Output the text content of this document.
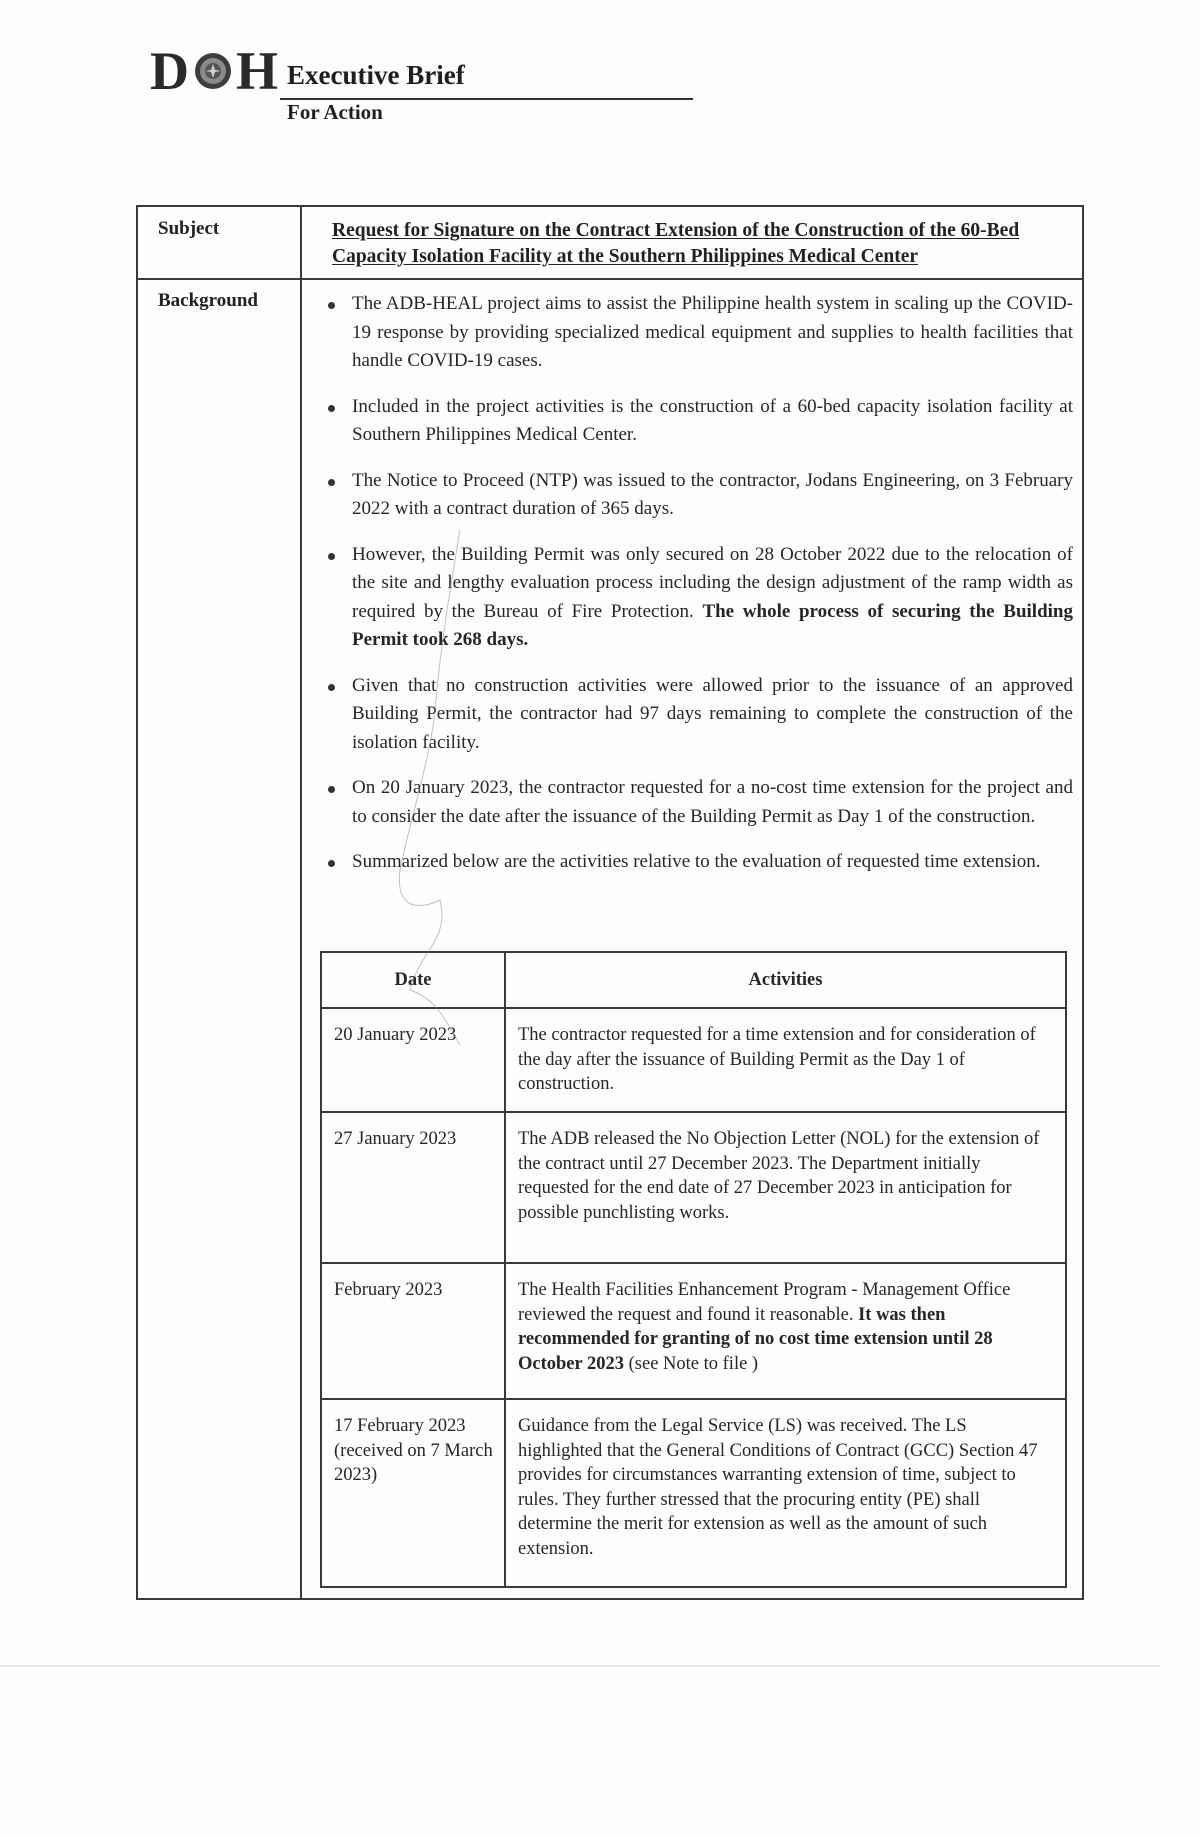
D H Executive Brief
For Action
Subject	Request for Signature on the Contract Extension of the Construction of the 60-Bed Capacity Isolation Facility at the Southern Philippines Medical Center
Background	The ADB-HEAL project aims to assist the Philippine health system in scaling up the COVID-19 response by providing specialized medical equipment and supplies to health facilities that handle COVID-19 cases.
Included in the project activities is the construction of a 60-bed capacity isolation facility at Southern Philippines Medical Center.
The Notice to Proceed (NTP) was issued to the contractor, Jodans Engineering, on 3 February 2022 with a contract duration of 365 days.
However, the Building Permit was only secured on 28 October 2022 due to the relocation of the site and lengthy evaluation process including the design adjustment of the ramp width as required by the Bureau of Fire Protection. The whole process of securing the Building Permit took 268 days.
Given that no construction activities were allowed prior to the issuance of an approved Building Permit, the contractor had 97 days remaining to complete the construction of the isolation facility.
On 20 January 2023, the contractor requested for a no-cost time extension for the project and to consider the date after the issuance of the Building Permit as Day 1 of the construction.
Summarized below are the activities relative to the evaluation of requested time extension.
Date	Activities
20 January 2023	The contractor requested for a time extension and for consideration of the day after the issuance of Building Permit as the Day 1 of construction.
27 January 2023	The ADB released the No Objection Letter (NOL) for the extension of the contract until 27 December 2023. The Department initially requested for the end date of 27 December 2023 in anticipation for possible punchlisting works.
February 2023	The Health Facilities Enhancement Program - Management Office reviewed the request and found it reasonable. It was then recommended for granting of no cost time extension until 28 October 2023 (see Note to file )
17 February 2023 (received on 7 March 2023)	Guidance from the Legal Service (LS) was received. The LS highlighted that the General Conditions of Contract (GCC) Section 47 provides for circumstances warranting extension of time, subject to rules. They further stressed that the procuring entity (PE) shall determine the merit for extension as well as the amount of such extension.
